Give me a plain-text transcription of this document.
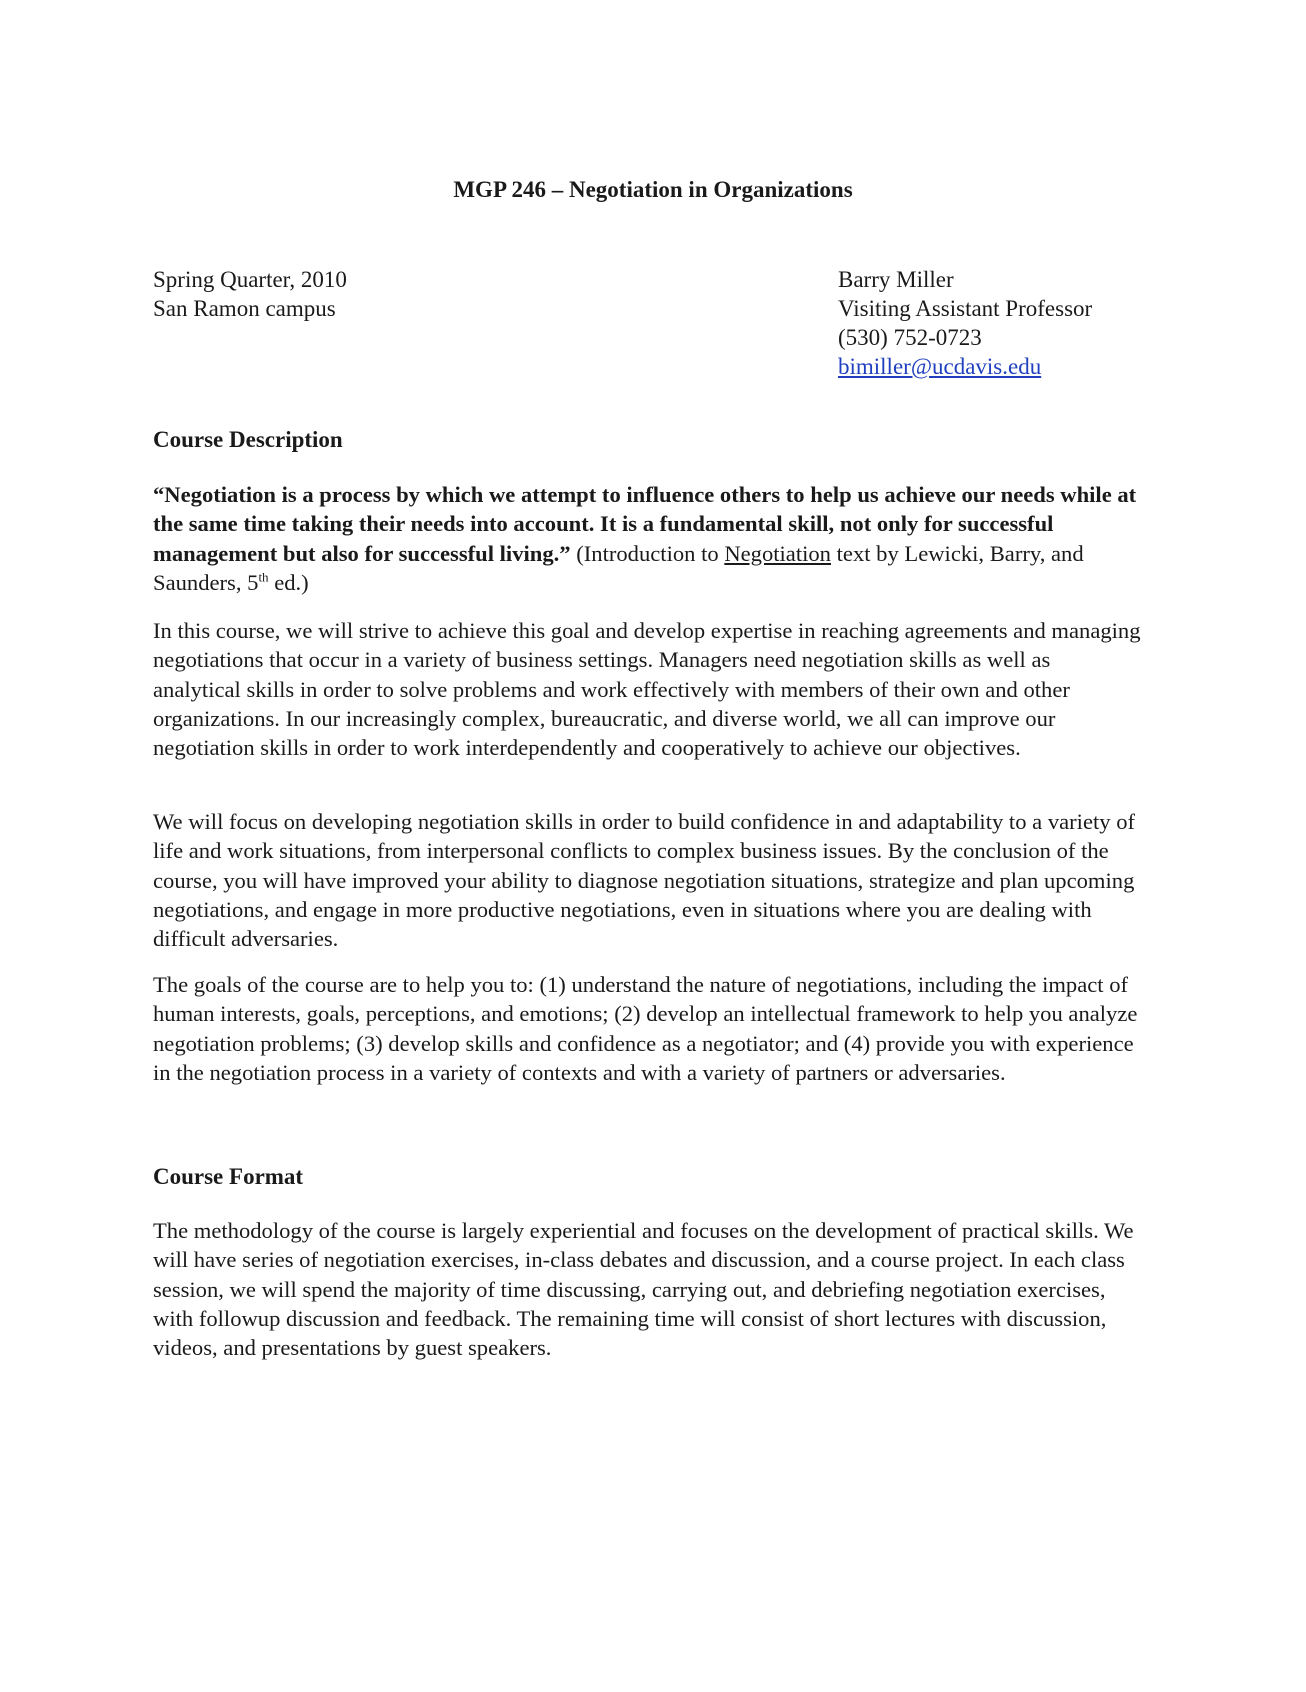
MGP 246 – Negotiation in Organizations
Spring Quarter, 2010
San Ramon campus
Barry Miller
Visiting Assistant Professor
(530) 752-0723
bimiller@ucdavis.edu

Course Description

“Negotiation is a process by which we attempt to influence others to help us achieve our needs while at the same time taking their needs into account. It is a fundamental skill, not only for successful management but also for successful living.” (Introduction to Negotiation text by Lewicki, Barry, and Saunders, 5th ed.)

In this course, we will strive to achieve this goal and develop expertise in reaching agreements and managing negotiations that occur in a variety of business settings. Managers need negotiation skills as well as analytical skills in order to solve problems and work effectively with members of their own and other organizations. In our increasingly complex, bureaucratic, and diverse world, we all can improve our negotiation skills in order to work interdependently and cooperatively to achieve our objectives.

We will focus on developing negotiation skills in order to build confidence in and adaptability to a variety of life and work situations, from interpersonal conflicts to complex business issues. By the conclusion of the course, you will have improved your ability to diagnose negotiation situations, strategize and plan upcoming negotiations, and engage in more productive negotiations, even in situations where you are dealing with difficult adversaries.

The goals of the course are to help you to: (1) understand the nature of negotiations, including the impact of human interests, goals, perceptions, and emotions; (2) develop an intellectual framework to help you analyze negotiation problems; (3) develop skills and confidence as a negotiator; and (4) provide you with experience in the negotiation process in a variety of contexts and with a variety of partners or adversaries.

Course Format

The methodology of the course is largely experiential and focuses on the development of practical skills. We will have series of negotiation exercises, in-class debates and discussion, and a course project. In each class session, we will spend the majority of time discussing, carrying out, and debriefing negotiation exercises, with followup discussion and feedback. The remaining time will consist of short lectures with discussion, videos, and presentations by guest speakers.
